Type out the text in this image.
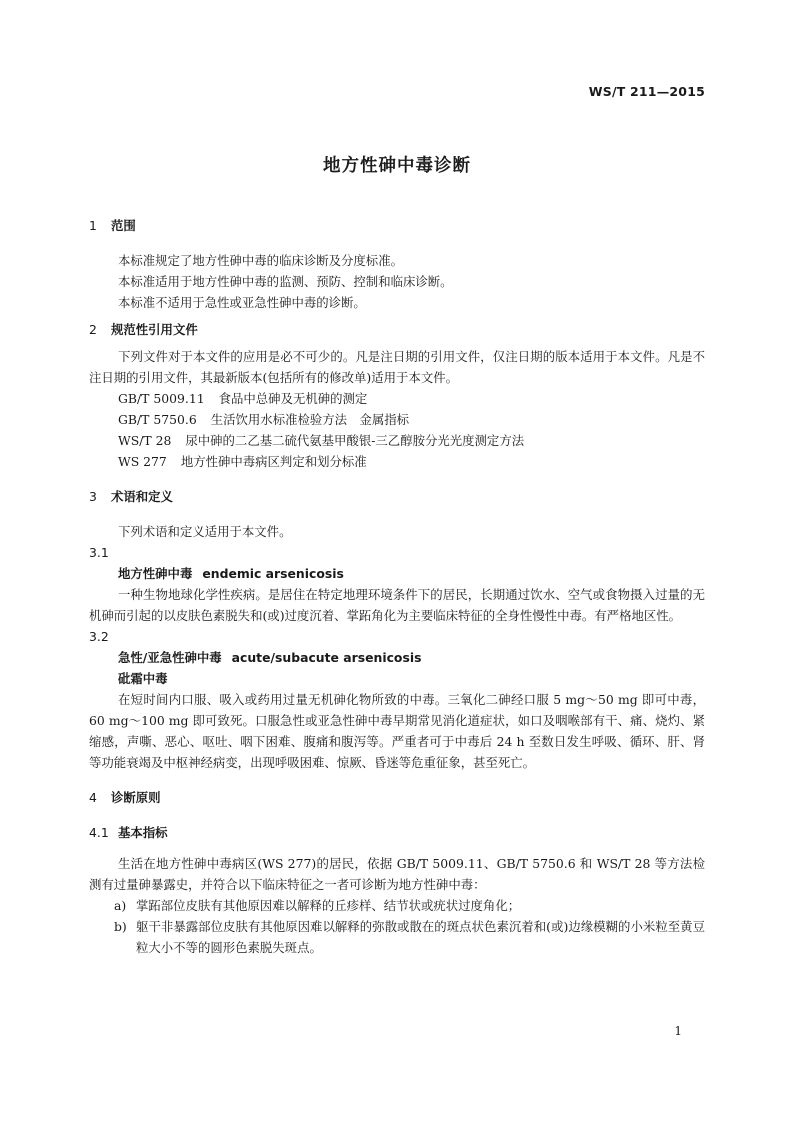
WS/T 211—2015
地方性砷中毒诊断
1 范围
本标准规定了地方性砷中毒的临床诊断及分度标准。
本标准适用于地方性砷中毒的监测、预防、控制和临床诊断。
本标准不适用于急性或亚急性砷中毒的诊断。
2 规范性引用文件
下列文件对于本文件的应用是必不可少的。凡是注日期的引用文件，仅注日期的版本适用于本文件。凡是不注日期的引用文件，其最新版本(包括所有的修改单)适用于本文件。
GB/T 5009.11 食品中总砷及无机砷的测定
GB/T 5750.6 生活饮用水标准检验方法　金属指标
WS/T 28 尿中砷的二乙基二硫代氨基甲酸银-三乙醇胺分光光度测定方法
WS 277 地方性砷中毒病区判定和划分标准
3 术语和定义
下列术语和定义适用于本文件。
3.1
地方性砷中毒 endemic arsenicosis
一种生物地球化学性疾病。是居住在特定地理环境条件下的居民，长期通过饮水、空气或食物摄入过量的无机砷而引起的以皮肤色素脱失和(或)过度沉着、掌跖角化为主要临床特征的全身性慢性中毒。有严格地区性。
3.2
急性/亚急性砷中毒 acute/subacute arsenicosis
砒霜中毒
在短时间内口服、吸入或药用过量无机砷化物所致的中毒。三氧化二砷经口服 5 mg～50 mg 即可中毒，60 mg～100 mg 即可致死。口服急性或亚急性砷中毒早期常见消化道症状，如口及咽喉部有干、痛、烧灼、紧缩感，声嘶、恶心、呕吐、咽下困难、腹痛和腹泻等。严重者可于中毒后 24 h 至数日发生呼吸、循环、肝、肾等功能衰竭及中枢神经病变，出现呼吸困难、惊厥、昏迷等危重征象，甚至死亡。
4 诊断原则
4.1 基本指标
生活在地方性砷中毒病区(WS 277)的居民，依据 GB/T 5009.11、GB/T 5750.6 和 WS/T 28 等方法检测有过量砷暴露史，并符合以下临床特征之一者可诊断为地方性砷中毒：
a) 掌跖部位皮肤有其他原因难以解释的丘疹样、结节状或疣状过度角化；
b) 躯干非暴露部位皮肤有其他原因难以解释的弥散或散在的斑点状色素沉着和(或)边缘模糊的小米粒至黄豆粒大小不等的圆形色素脱失斑点。
1
